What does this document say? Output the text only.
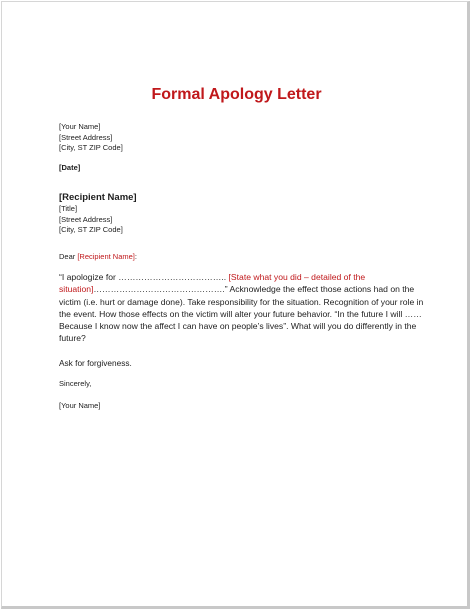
Formal Apology Letter
[Your Name]
[Street Address]
[City, ST ZIP Code]
[Date]
[Recipient Name]
[Title]
[Street Address]
[City, ST ZIP Code]
Dear [Recipient Name]:
“I apologize for ……………………………….. [State what you did – detailed of the situation]……………………………………….” Acknowledge the effect those actions had on the victim (i.e. hurt or damage done). Take responsibility for the situation. Recognition of your role in the event. How those effects on the victim will alter your future behavior. “In the future I will …… Because I know now the affect I can have on people’s lives”. What will you do differently in the future?
Ask for forgiveness.
Sincerely,
[Your Name]
